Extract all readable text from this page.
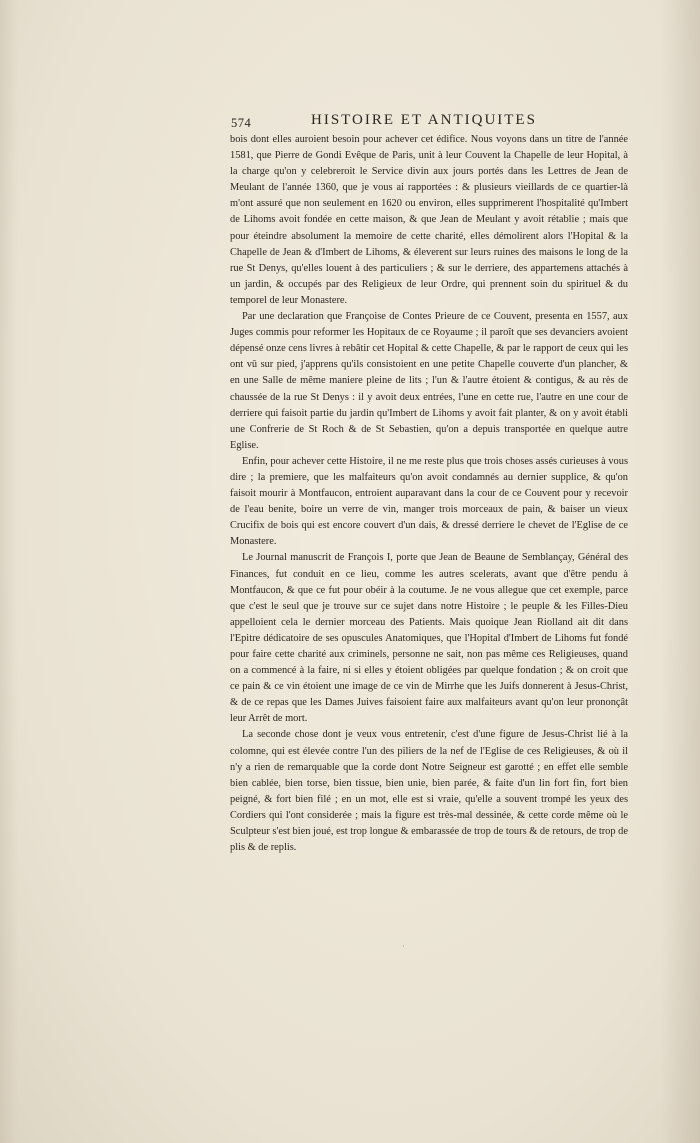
574	HISTOIRE ET ANTIQUITES

bois dont elles auroient besoin pour achever cet édifice. Nous voyons dans un titre de l'année 1581, que Pierre de Gondi Evêque de Paris, unit à leur Couvent la Chapelle de leur Hopital, à la charge qu'on y celebreroit le Service divin aux jours portés dans les Lettres de Jean de Meulant de l'année 1360, que je vous ai rapportées : & plusieurs vieillards de ce quartier-là m'ont assuré que non seulement en 1620 ou environ, elles supprimerent l'hospitalité qu'Imbert de Lihoms avoit fondée en cette maison, & que Jean de Meulant y avoit rétablie ; mais que pour éteindre absolument la memoire de cette charité, elles démolirent alors l'Hopital & la Chapelle de Jean & d'Imbert de Lihoms, & éleverent sur leurs ruines des maisons le long de la rue St Denys, qu'elles louent à des particuliers ; & sur le derriere, des appartemens attachés à un jardin, & occupés par des Religieux de leur Ordre, qui prennent soin du spirituel & du temporel de leur Monastere.

Par une declaration que Françoise de Contes Prieure de ce Couvent, presenta en 1557, aux Juges commis pour reformer les Hopitaux de ce Royaume ; il paroît que ses devanciers avoient dépensé onze cens livres à rebâtir cet Hopital & cette Chapelle, & par le rapport de ceux qui les ont vû sur pied, j'apprens qu'ils consistoient en une petite Chapelle couverte d'un plancher, & en une Salle de même maniere pleine de lits ; l'un & l'autre étoient & contigus, & au rès de chaussée de la rue St Denys : il y avoit deux entrées, l'une en cette rue, l'autre en une cour de derriere qui faisoit partie du jardin qu'Imbert de Lihoms y avoit fait planter, & on y avoit établi une Confrerie de St Roch & de St Sebastien, qu'on a depuis transportée en quelque autre Eglise.

Enfin, pour achever cette Histoire, il ne me reste plus que trois choses assés curieuses à vous dire ; la premiere, que les malfaiteurs qu'on avoit condamnés au dernier supplice, & qu'on faisoit mourir à Montfaucon, entroient auparavant dans la cour de ce Couvent pour y recevoir de l'eau benite, boire un verre de vin, manger trois morceaux de pain, & baiser un vieux Crucifix de bois qui est encore couvert d'un dais, & dressé derriere le chevet de l'Eglise de ce Monastere.

Le Journal manuscrit de François I, porte que Jean de Beaune de Semblançay, Général des Finances, fut conduit en ce lieu, comme les autres scelerats, avant que d'être pendu à Montfaucon, & que ce fut pour obéir à la coutume. Je ne vous allegue que cet exemple, parce que c'est le seul que je trouve sur ce sujet dans notre Histoire ; le peuple & les Filles-Dieu appelloient cela le dernier morceau des Patients. Mais quoique Jean Riolland ait dit dans l'Epitre dédicatoire de ses opuscules Anatomiques, que l'Hopital d'Imbert de Lihoms fut fondé pour faire cette charité aux criminels, personne ne sait, non pas même ces Religieuses, quand on a commencé à la faire, ni si elles y étoient obligées par quelque fondation ; & on croit que ce pain & ce vin étoient une image de ce vin de Mirrhe que les Juifs donnerent à Jesus-Christ, & de ce repas que les Dames Juives faisoient faire aux malfaiteurs avant qu'on leur prononçât leur Arrêt de mort.

La seconde chose dont je veux vous entretenir, c'est d'une figure de Jesus-Christ lié à la colomne, qui est élevée contre l'un des piliers de la nef de l'Eglise de ces Religieuses, & où il n'y a rien de remarquable que la corde dont Notre Seigneur est garotté ; en effet elle semble bien cablée, bien torse, bien tissue, bien unie, bien parée, & faite d'un lin fort fin, fort bien peigné, & fort bien filé ; en un mot, elle est si vraie, qu'elle a souvent trompé les yeux des Cordiers qui l'ont considerée ; mais la figure est très-mal dessinée, & cette corde même où le Sculpteur s'est bien joué, est trop longue & embarassée de trop de tours & de retours, de trop de plis & de replis.

·
